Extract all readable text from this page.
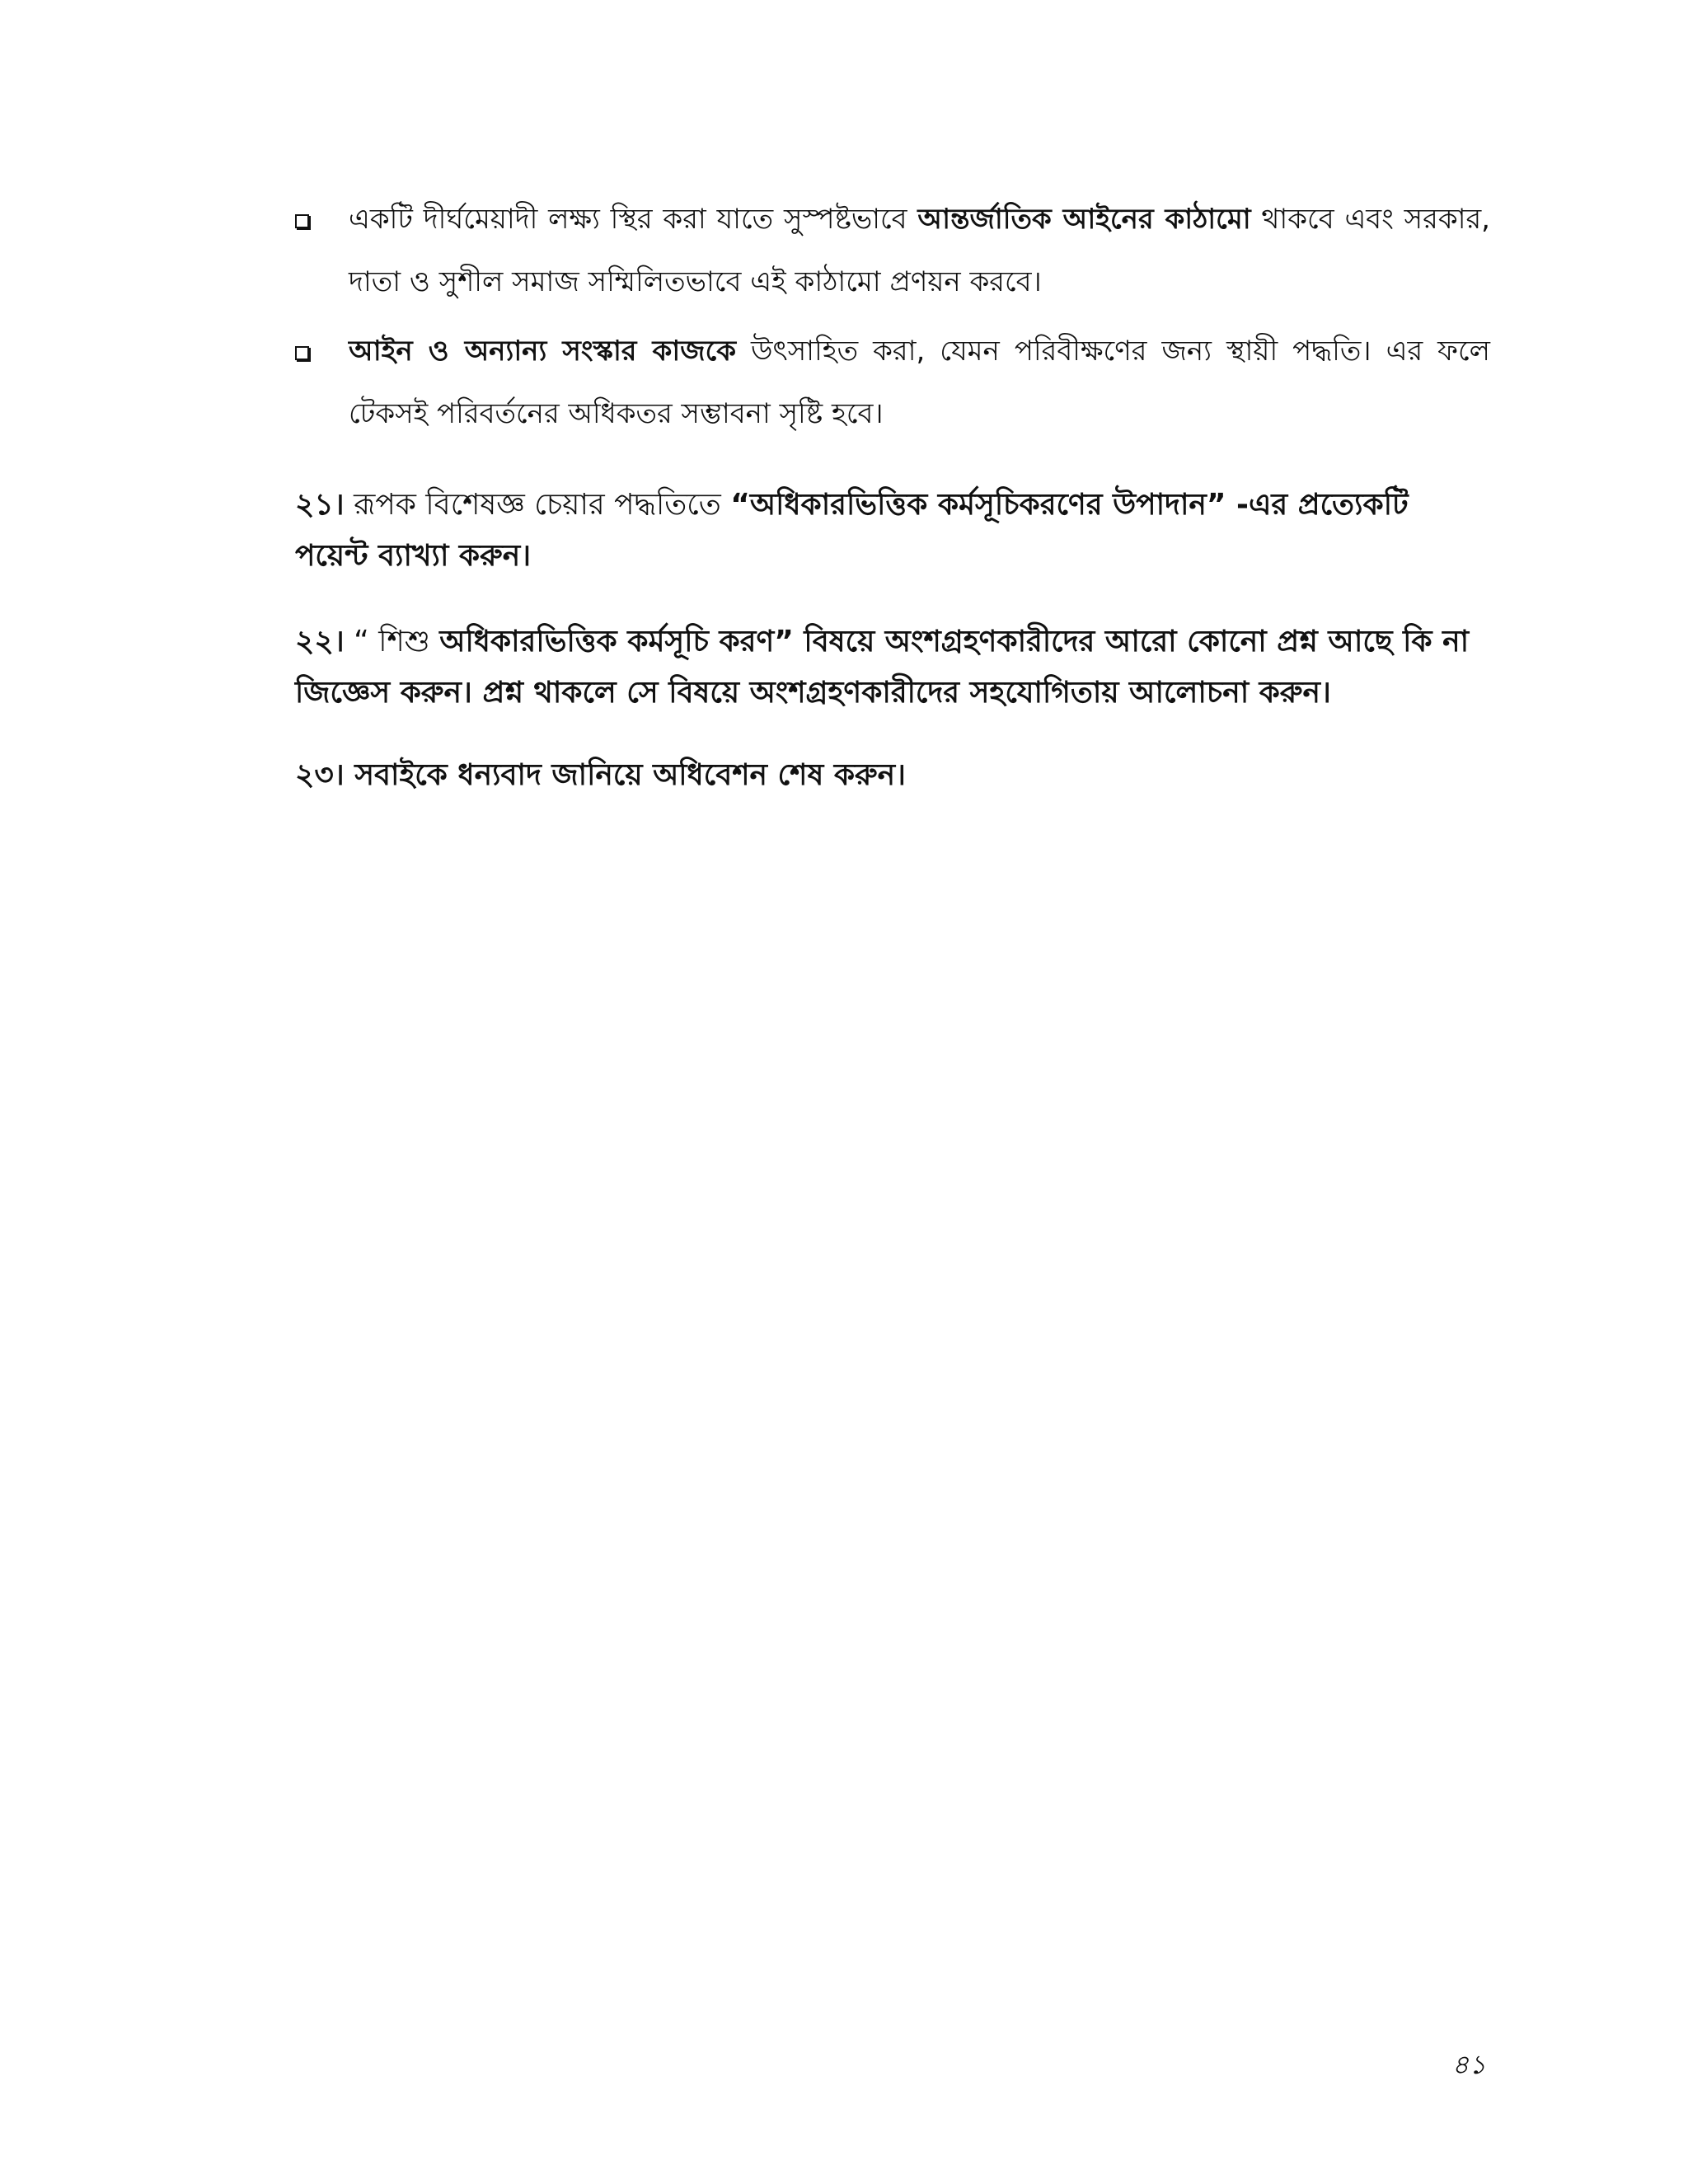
একটি দীর্ঘমেয়াদী লক্ষ্য স্থির করা যাতে সুস্পষ্টভাবে আন্তর্জাতিক আইনের কাঠামো থাকবে এবং সরকার, দাতা ও সুশীল সমাজ সম্মিলিতভাবে এই কাঠামো প্রণয়ন করবে।
আইন ও অন্যান্য সংস্কার কাজকে উৎসাহিত করা, যেমন পরিবীক্ষণের জন্য স্থায়ী পদ্ধতি। এর ফলে টেকসই পরিবর্তনের অধিকতর সম্ভাবনা সৃষ্টি হবে।
২১। রূপক বিশেষজ্ঞ চেয়ার পদ্ধতিতে “অধিকারভিত্তিক কর্মসূচিকরণের উপাদান” -এর প্রত্যেকটি পয়েন্ট ব্যাখ্যা করুন।
২২। “ শিশু অধিকারভিত্তিক কর্মসূচি করণ” বিষয়ে অংশগ্রহণকারীদের আরো কোনো প্রশ্ন আছে কি না জিজ্ঞেস করুন। প্রশ্ন থাকলে সে বিষয়ে অংশগ্রহণকারীদের সহযোগিতায় আলোচনা করুন।
২৩। সবাইকে ধন্যবাদ জানিয়ে অধিবেশন শেষ করুন।
৪১
